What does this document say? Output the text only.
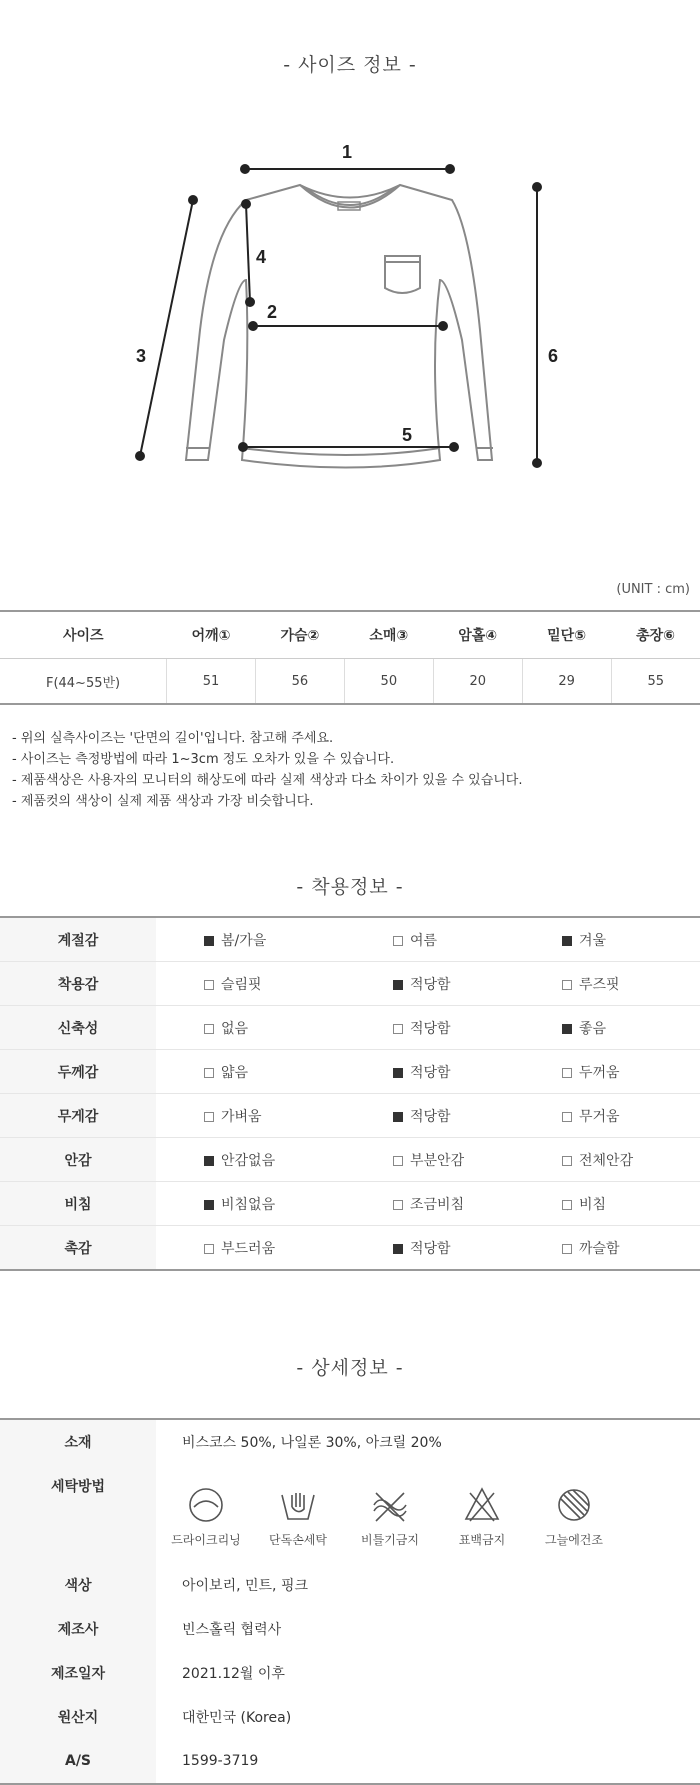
- 사이즈 정보 -
1
2
3
4
5
6
(UNIT : cm)
사이즈	어깨①	가슴②	소매③	암홀④	밑단⑤	총장⑥
F(44~55반)	51	56	50	20	29	55
- 위의 실측사이즈는 '단면의 길이'입니다. 참고해 주세요.
- 사이즈는 측정방법에 따라 1~3cm 정도 오차가 있을 수 있습니다.
- 제품색상은 사용자의 모니터의 해상도에 따라 실제 색상과 다소 차이가 있을 수 있습니다.
- 제품컷의 색상이 실제 제품 색상과 가장 비슷합니다.
- 착용정보 -
계절감	봄/가을	여름	겨울
착용감	슬림핏	적당함	루즈핏
신축성	없음	적당함	좋음
두께감	얇음	적당함	두꺼움
무게감	가벼움	적당함	무거움
안감	안감없음	부분안감	전체안감
비침	비침없음	조금비침	비침
촉감	부드러움	적당함	까슬함
- 상세정보 -
소재	비스코스 50%, 나일론 30%, 아크릴 20%
세탁방법	드라이크리닝 단독손세탁 비틀기금지 표백금지 그늘에건조

색상	아이보리, 민트, 핑크
제조사	빈스홀릭 협력사
제조일자	2021.12월 이후
원산지	대한민국 (Korea)
A/S	1599-3719
